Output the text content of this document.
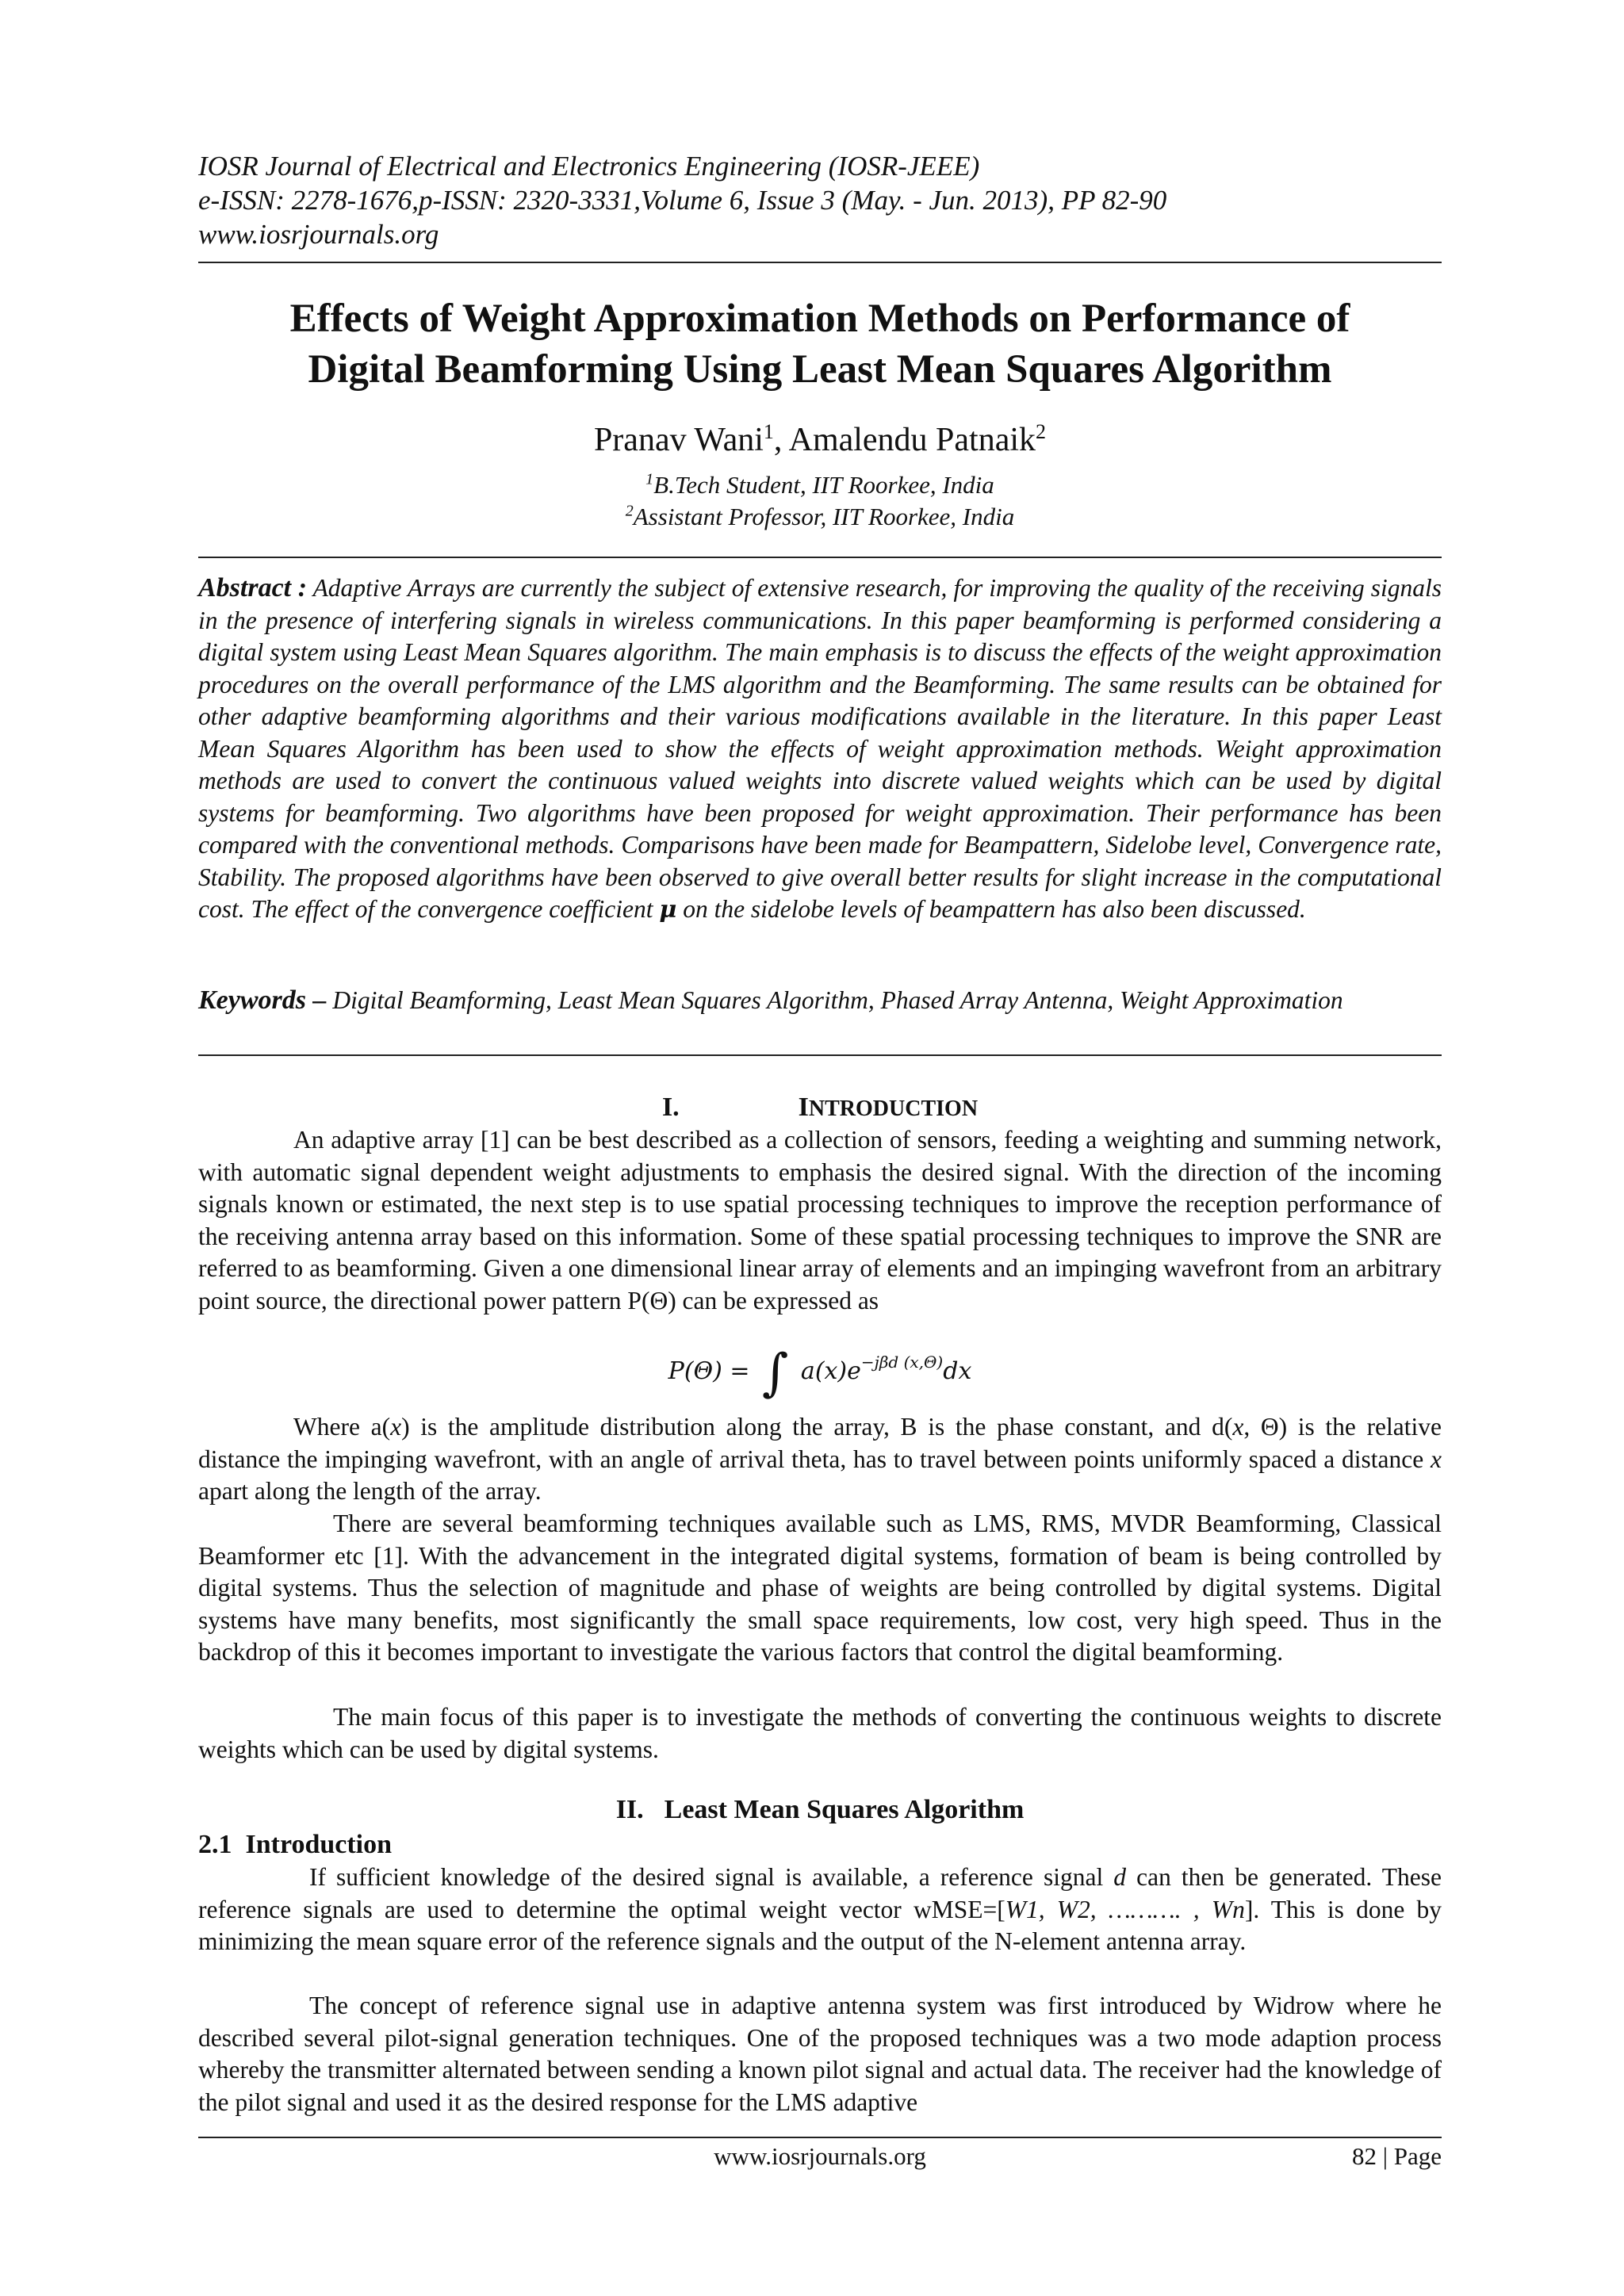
IOSR Journal of Electrical and Electronics Engineering (IOSR-JEEE)
e-ISSN: 2278-1676,p-ISSN: 2320-3331,Volume 6, Issue 3 (May. - Jun. 2013), PP 82-90
www.iosrjournals.org
Effects of Weight Approximation Methods on Performance of
Digital Beamforming Using Least Mean Squares Algorithm
Pranav Wani$^1$, Amalendu Patnaik$^2$
$^1$B.Tech Student, IIT Roorkee, India
$^2$Assistant Professor, IIT Roorkee, India
Abstract : Adaptive Arrays are currently the subject of extensive research, for improving the quality of the receiving signals in the presence of interfering signals in wireless communications. In this paper beamforming is performed considering a digital system using Least Mean Squares algorithm. The main emphasis is to discuss the effects of the weight approximation procedures on the overall performance of the LMS algorithm and the Beamforming. The same results can be obtained for other adaptive beamforming algorithms and their various modifications available in the literature. In this paper Least Mean Squares Algorithm has been used to show the effects of weight approximation methods. Weight approximation methods are used to convert the continuous valued weights into discrete valued weights which can be used by digital systems for beamforming. Two algorithms have been proposed for weight approximation. Their performance has been compared with the conventional methods. Comparisons have been made for Beampattern, Sidelobe level, Convergence rate, Stability. The proposed algorithms have been observed to give overall better results for slight increase in the computational cost. The effect of the convergence coefficient μ on the sidelobe levels of beampattern has also been discussed.
Keywords – Digital Beamforming, Least Mean Squares Algorithm, Phased Array Antenna, Weight Approximation
I.	INTRODUCTION
An adaptive array [1] can be best described as a collection of sensors, feeding a weighting and summing network, with automatic signal dependent weight adjustments to emphasis the desired signal. With the direction of the incoming signals known or estimated, the next step is to use spatial processing techniques to improve the reception performance of the receiving antenna array based on this information. Some of these spatial processing techniques to improve the SNR are referred to as beamforming. Given a one dimensional linear array of elements and an impinging wavefront from an arbitrary point source, the directional power pattern P(Θ) can be expressed as
P(Θ) = ∫ $a(x)e^{-j\beta d (x,\Theta)}dx$
Where a(x) is the amplitude distribution along the array, B is the phase constant, and d(x, Θ) is the relative distance the impinging wavefront, with an angle of arrival theta, has to travel between points uniformly spaced a distance x apart along the length of the array.
There are several beamforming techniques available such as LMS, RMS, MVDR Beamforming, Classical Beamformer etc [1]. With the advancement in the integrated digital systems, formation of beam is being controlled by digital systems. Thus the selection of magnitude and phase of weights are being controlled by digital systems. Digital systems have many benefits, most significantly the small space requirements, low cost, very high speed. Thus in the backdrop of this it becomes important to investigate the various factors that control the digital beamforming.
The main focus of this paper is to investigate the methods of converting the continuous weights to discrete weights which can be used by digital systems.
II. Least Mean Squares Algorithm
2.1 Introduction
If sufficient knowledge of the desired signal is available, a reference signal d can then be generated. These reference signals are used to determine the optimal weight vector wMSE=[W1, W2, ………. , Wn]. This is done by minimizing the mean square error of the reference signals and the output of the N-element antenna array.
The concept of reference signal use in adaptive antenna system was first introduced by Widrow where he described several pilot-signal generation techniques. One of the proposed techniques was a two mode adaption process whereby the transmitter alternated between sending a known pilot signal and actual data. The receiver had the knowledge of the pilot signal and used it as the desired response for the LMS adaptive
www.iosrjournals.org	82 | Page
